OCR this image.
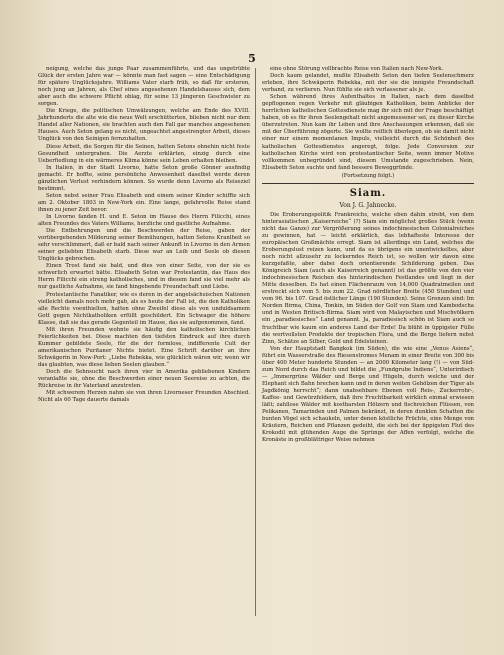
5

neigung, welche das junge Paar zusammenführte, und das ungetrübte Glück der ersten Jahre war — könnte man fast sagen — eine Entschädigung für spätere Unglücksjahre. Williams Vater starb früh, so daß für ersteren, noch jung an Jahren, als Chef eines angesehenen Handelshauses sich, dem aber auch die schwere Pflicht oblag, für seine 13 jüngeren Geschwister zu sorgen.

Die Kriege, die politischen Umwälzungen, welche am Ende des XVIII. Jahrhunderts die alte wie die neue Welt erschütterten, blieben nicht nur dem Handel aller Nationen, sie brachten auch den Fall gar manches angesehenen Hauses. Auch Seton gelang es nicht, ungeachtet angestrengter Arbeit, dieses Unglück von den Seinigen fernzuhalten.

Diese Arbeit, die Sorgen für die Seinen, hatten Setons ohnehin nicht feste Gesundheit untergraben. Die Aerzte erklärten, einzig durch eine Ueberfiedlung in ein wärmeres Klima könne sein Leben erhalten bleiben.

In Italien, in der Stadt Livorno, hatte Seton große Gönner ausfindig gemacht. Er hoffte, seine persönliche Anwesenheit daselbst werde deren gänzlichen Verlust verhindern können. So wurde denn Livorno als Reiseziel bestimmt.

Seton nebst seiner Frau Elisabeth und einem seiner Kinder schiffte sich am 2. Oktober 1803 in New-York ein. Eine lange, gefahrvolle Reise stand ihnen zu jener Zeit bevor.

In Livorno fanden H. und E. Seton im Hause des Herrn Filicchi, eines alten Freundes des Vaters Williams, herzliche und gastliche Aufnahme.

Die Entbehrungen und die Beschwerden der Reise, gaben der vorübergehenden Milderung seiner Bemühungen, hatten Setons Kranlheit so sehr verschlimmert, daß er bald nach seiner Ankunft in Livorno in den Armen seiner geliebten Elisabeth starb. Diese war an Leib und Seele ob diesen Unglücks gebrochen.

Einen Trost fand sie bald, und dies von einer Seite, von der sie es schwerlich erwartet hätte. Elisabeth Seton war Protestantin, das Haus des Herrn Filicchi ein streng katholisches, und in diesem fand sie viel mehr als nur gastliche Aufnahme, sie fand hingebende Freundschaft und Liebe.

Protestantische Fanatiker, wie es deren in der angelsächsischen Nationen vielleicht damals noch mehr gab, als es heute der Fall ist, die den Katholiken alle Rechte voenthielten, hatten ohne Zweifel diese als von unduldsamem Gott gegen Nichtkatholiken erfüllt geschildert. Ein Schwager die höhere Klasse, daß sie das gerade Gegenteil im Hause, das sie aufgenommen, fand.

Mit ihren Freunden wohnte sie häufig den katholischen kirchlichen Feierlichkeiten bei. Diese machten den tiefsten Eindruck auf ihre durch Kummer gebildete Seele, für die der formlose, indifferente Cult der amerikanischen Puritaner Nichts bietet. Eine Schrift darüber an ihre Schwägerin in New-Port: „Liebe Rebekka, wie glücklich wären wir, wenn wir das glaubten, was diese lieben Seelen glauben.“

Doch die Sehnsucht nach ihren vier in Amerika gebliebenen Kindern veranlaßte sie, ohne die Beschwerden einer neuen Seereise zu achten, die Rückreise in ihr Vaterland anzutreten.

Mit schwerem Herzen nahm sie von ihren Livorneser Freunden Abschied. Nicht als 60 Tage dauerte damals

eine ohne Störung vollbrachte Reise von Italien nach New-York.

Doch kaum gelandet, mußte Elisabeth Seton den tiefen Seelenschmerz erleben, ihre Schwägerin Rebekka, mit der sie die innigste Freundschaft verband, zu verlieren. Nun fühlte sie sich verlassener als je.

Schon während ihres Aufenthaltes in Italien, nach dem daselbst gepflogenen regen Verkehr mit gläubigen Katholiken, beim Anblicke der herrlichen katholischen Gottesdienste mag ihr sich mit der Frage beschäftigt haben, ob es für ihren Seelengehalt nicht angemessener sei, zu dieser Kirche überzutreten. Nun kam ihr Leben und ihre Anschauungen erkennen, daß sie mit der Überführung zögerte. Sie wollte reiflich überlegen, ob sie damit nicht einer nur einem momentanen Impuls, vielleicht durch die Schönheit des katholischen Gottesdienstes angeregt, folge. Jede Conversion zur katholischen Kirche wird von protestantischer Seite, wenn immer Motive vollkommen unbegründet sind, diesem Umstande zugeschrieben. Nein, Elisabeth Seton suchte und fand bessere Beweggründe.

(Fortsetzung folgt.)

Siam.
Von J. G. Jahnecke.

Die Eroberungspolitik Frankreichs, welche eben dahin strebt, von dem hinterasiatischen „Kaiserreiche“ (?) Siam ein möglichst großes Stück (wenn nicht das Ganze) zur Vergrößerung seines indochinesischen Colonialreiches zu gewinnen, hat — leicht erklärlich, das lebhafteste Interesse der europäischen Großmächte erregt. Siam ist allerdings ein Land, welches die Eroberungslust reizen kann, und da es übrigens ein unentwickeltes, aber noch nicht allzusehr zu lockerndes Reich ist, so wollen wir davon eine kurzgefaßte, aber dabei doch orientierende Schilderung geben. Das Königreich Siam (auch als Kaiserreich genannt) ist das größte von den vier indochinesischen Reichen des hinterindischen Festlandes und liegt in der Mitte desselben. Es hat einen Flächenraum von 14,000 Quadratmeilen und erstreckt sich vom 5. bis zum 22. Grad nördlicher Breite (450 Stunden) und vom 96. bis 107. Grad östlicher Länge (190 Stunden). Seine Grenzen sind: Im Norden Birma, China, Tonkin, im Süden der Golf von Siam und Kambodscha und in Westen Britisch-Birma. Siam wird von Malayischen und Mischvölkern ein „paradiesisches“ Land genannt. Ja, paradiesisch schön ist Siam auch so fruchtbar wie kaum ein anderes Land der Erde! Da blüht in üppigster Fülle die wertvollsten Produkte der tropischen Flora, und die Berge liefern nebst Zinn, Schätze an Silber, Gold und Edelsteinen.

Von der Hauptstadt Bangkok (im Süden), die wie eine „Venus Asiens“, führt ein Wasserstraße des Riesenstromes Menam in einer Breite von 300 bis über 400 Meter hunderte Stunden — an 2000 Kilometer lang (!) — von Süd- zum Nord durch das Reich und bildet die „Fundgrube Indiens“, Unterirdisch — „Immergrüne Wälder und Berge und Hügeln, durch welche und der Elephant sich Bahn brechen kann und in deren weiten Gehölzen der Tiger als Jagdkönig herrscht“; dann unabsehbare Ebenen voll Reis-, Zuckerrohr-, Kaffee- und Gewürzfeldern, daß ihre Fruchtbarkeit wirklich einmal erwiesen läßt; zahllose Wälder mit kostbarsten Hölzern und fischreichen Flüssen, von Pelikanen, Tamarinden und Palmen bekränzt, in deren dunklen Schatten die bunten Vögel sich schaukeln, unter denen köstliche Früchte, eine Menge von Kräutern, Reichen und Pflanzen gedeiht, die sich bei der üppigsten Flut des Krokodil mit glühenden Auge die Sprünge der Affen verfolgt, welche die Kronäste in großblättriger Weise nehmen
